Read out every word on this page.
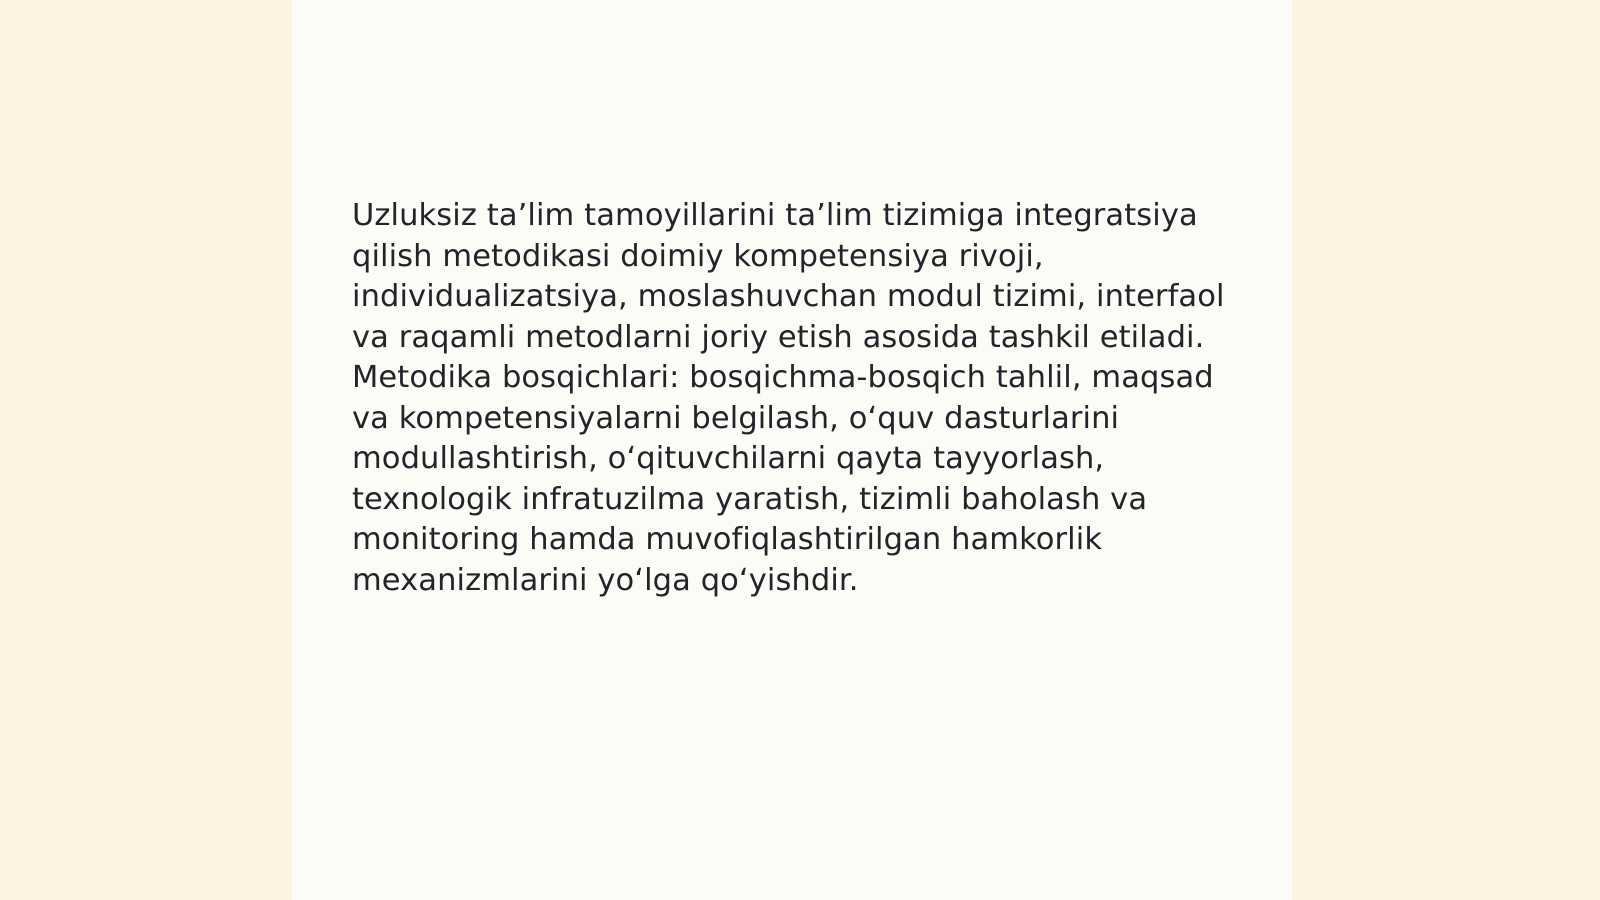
Uzluksiz ta’lim tamoyillarini ta’lim tizimiga integratsiya qilish metodikasi doimiy kompetensiya rivoji, individualizatsiya, moslashuvchan modul tizimi, interfaol va raqamli metodlarni joriy etish asosida tashkil etiladi. Metodika bosqichlari: bosqichma-bosqich tahlil, maqsad va kompetensiyalarni belgilash, o‘quv dasturlarini modullashtirish, o‘qituvchilarni qayta tayyorlash, texnologik infratuzilma yaratish, tizimli baholash va monitoring hamda muvofiqlashtirilgan hamkorlik mexanizmlarini yo‘lga qo‘yishdir.
